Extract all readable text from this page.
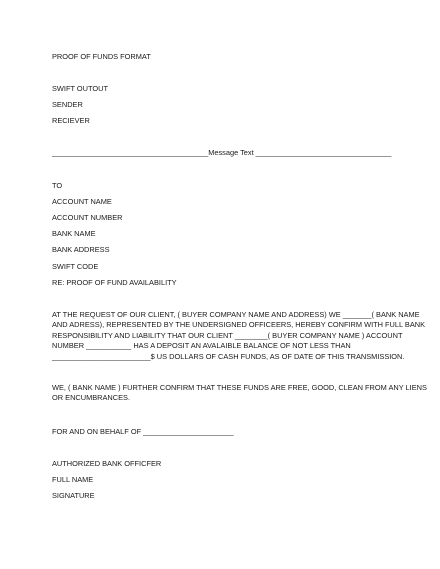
PROOF OF FUNDS FORMAT

SWIFT OUTOUT

SENDER

RECIEVER

______________________________________Message Text _________________________________

TO

ACCOUNT NAME

ACCOUNT NUMBER

BANK NAME

BANK ADDRESS

SWIFT CODE

RE: PROOF OF FUND AVAILABILITY

AT THE REQUEST OF OUR CLIENT, ( BUYER COMPANY NAME AND ADDRESS) WE _______( BANK NAME
AND ADRESS), REPRESENTED BY THE UNDERSIGNED OFFICEERS, HEREBY CONFIRM WITH FULL BANK
RESPONSIBILITY AND LIABILITY THAT OUR CLIENT ________( BUYER COMPANY NAME ) ACCOUNT
NUMBER ___________ HAS A DEPOSIT AN AVALAIBLE BALANCE OF NOT LESS THAN
________________________$ US DOLLARS OF CASH FUNDS, AS OF DATE OF THIS TRANSMISSION.
WE, ( BANK NAME ) FURTHER CONFIRM THAT THESE FUNDS ARE FREE, GOOD, CLEAN FROM ANY LIENS
OR ENCUMBRANCES.

FOR AND ON BEHALF OF ______________________

AUTHORIZED BANK OFFICFER

FULL NAME

SIGNATURE
